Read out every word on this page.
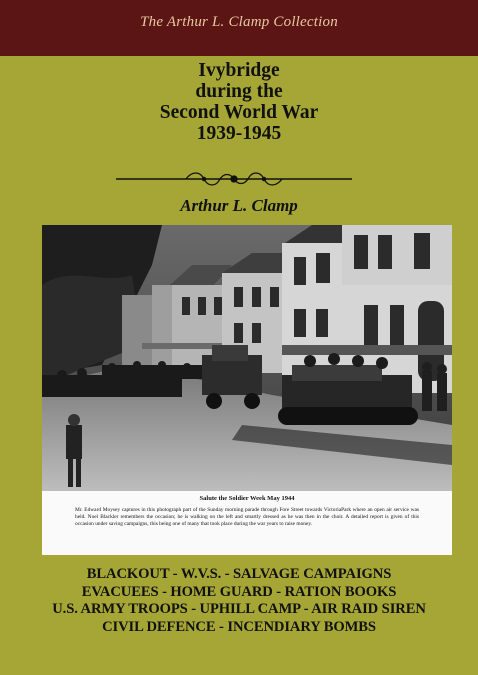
The Arthur L. Clamp Collection
Ivybridge
during the
Second World War
1939-1945
Arthur L. Clamp
Salute the Soldier Week May 1944
Mr. Edward Moysey captures in this photograph part of the Sunday morning parade through Fore Street towards VictoriaPark where an open air service was held. Noel Blackler remembers the occasion; he is walking on the left and smartly dressed as he was then in the choir. A detailed report is given of this occasion under saving campaigns, this being one of many that took place during the war years to raise money.
BLACKOUT - W.V.S. - SALVAGE CAMPAIGNS
EVACUEES - HOME GUARD - RATION BOOKS
U.S. ARMY TROOPS - UPHILL CAMP - AIR RAID SIREN
CIVIL DEFENCE - INCENDIARY BOMBS
